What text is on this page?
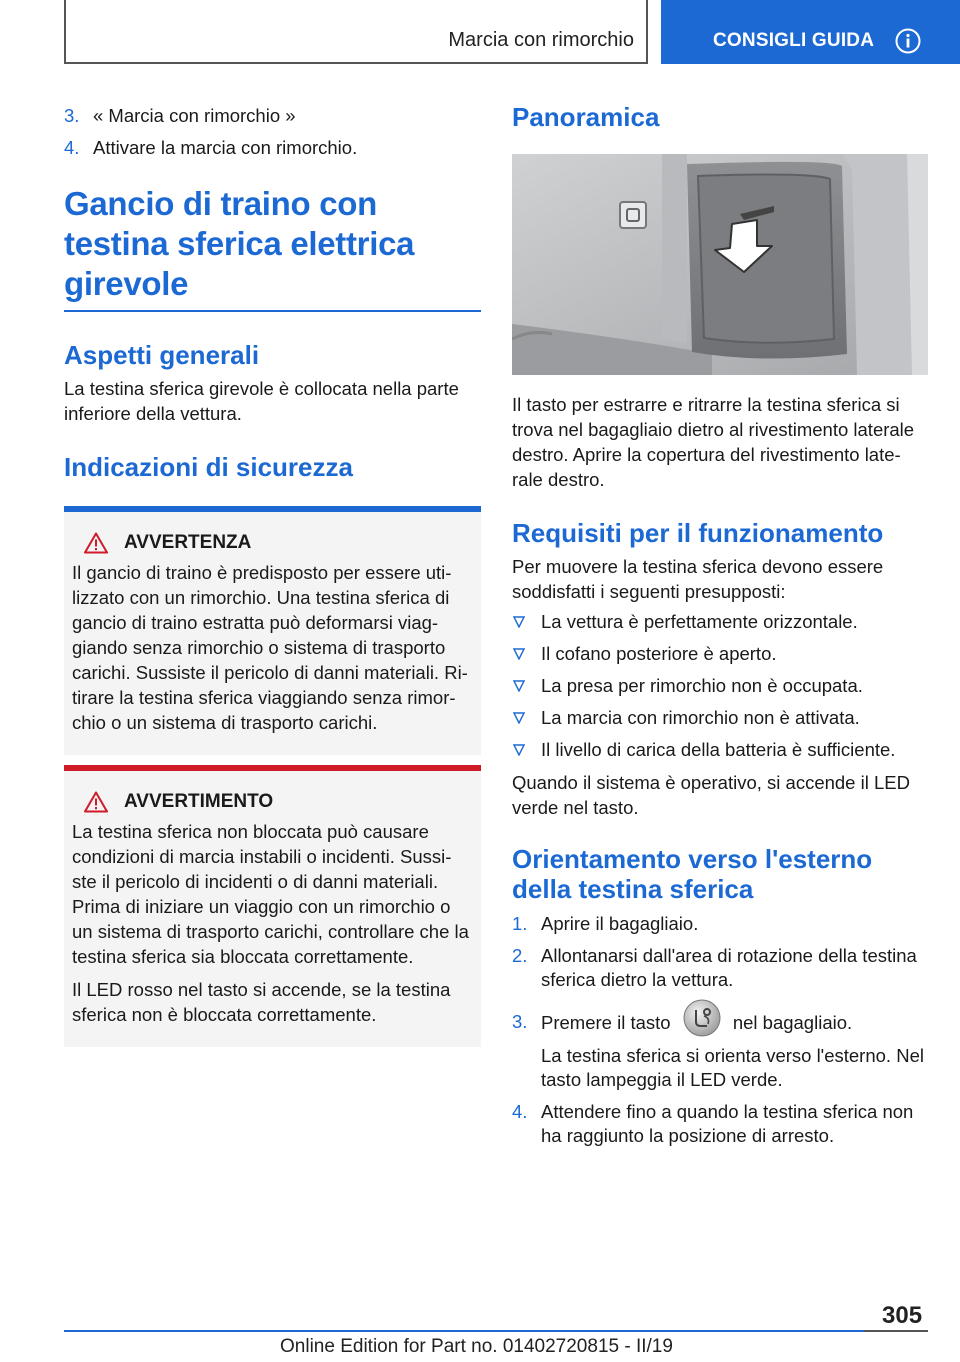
Marcia con rimorchio	CONSIGLI GUIDA
3. « Marcia con rimorchio »
4. Attivare la marcia con rimorchio.
Gancio di traino con testina sferica elettrica girevole
Aspetti generali

La testina sferica girevole è collocata nella parte inferiore della vettura.

Indicazioni di sicurezza
AVVERTENZA

Il gancio di traino è predisposto per essere uti-lizzato con un rimorchio. Una testina sferica di gancio di traino estratta può deformarsi viag-giando senza rimorchio o sistema di trasporto carichi. Sussiste il pericolo di danni materiali. Ri-tirare la testina sferica viaggiando senza rimor-chio o un sistema di trasporto carichi.

AVVERTIMENTO

La testina sferica non bloccata può causare condizioni di marcia instabili o incidenti. Sussi-ste il pericolo di incidenti o di danni materiali. Prima di iniziare un viaggio con un rimorchio o un sistema di trasporto carichi, controllare che la testina sferica sia bloccata correttamente.

Il LED rosso nel tasto si accende, se la testina sferica non è bloccata correttamente.

Panoramica

Il tasto per estrarre e ritrarre la testina sferica si trova nel bagagliaio dietro al rivestimento laterale destro. Aprire la copertura del rivestimento late-rale destro.

Requisiti per il funzionamento

Per muovere la testina sferica devono essere soddisfatti i seguenti presupposti:

La vettura è perfettamente orizzontale.
Il cofano posteriore è aperto.
La presa per rimorchio non è occupata.
La marcia con rimorchio non è attivata.
Il livello di carica della batteria è sufficiente.

Quando il sistema è operativo, si accende il LED verde nel tasto.

Orientamento verso l'esterno della testina sferica
1. Aprire il bagagliaio.
2. Allontanarsi dall'area di rotazione della testina sferica dietro la vettura.
3. Premere il tasto	nel bagagliaio.
La testina sferica si orienta verso l'esterno. Nel tasto lampeggia il LED verde.
4. Attendere fino a quando la testina sferica non ha raggiunto la posizione di arresto.
305
Online Edition for Part no. 01402720815 - II/19
